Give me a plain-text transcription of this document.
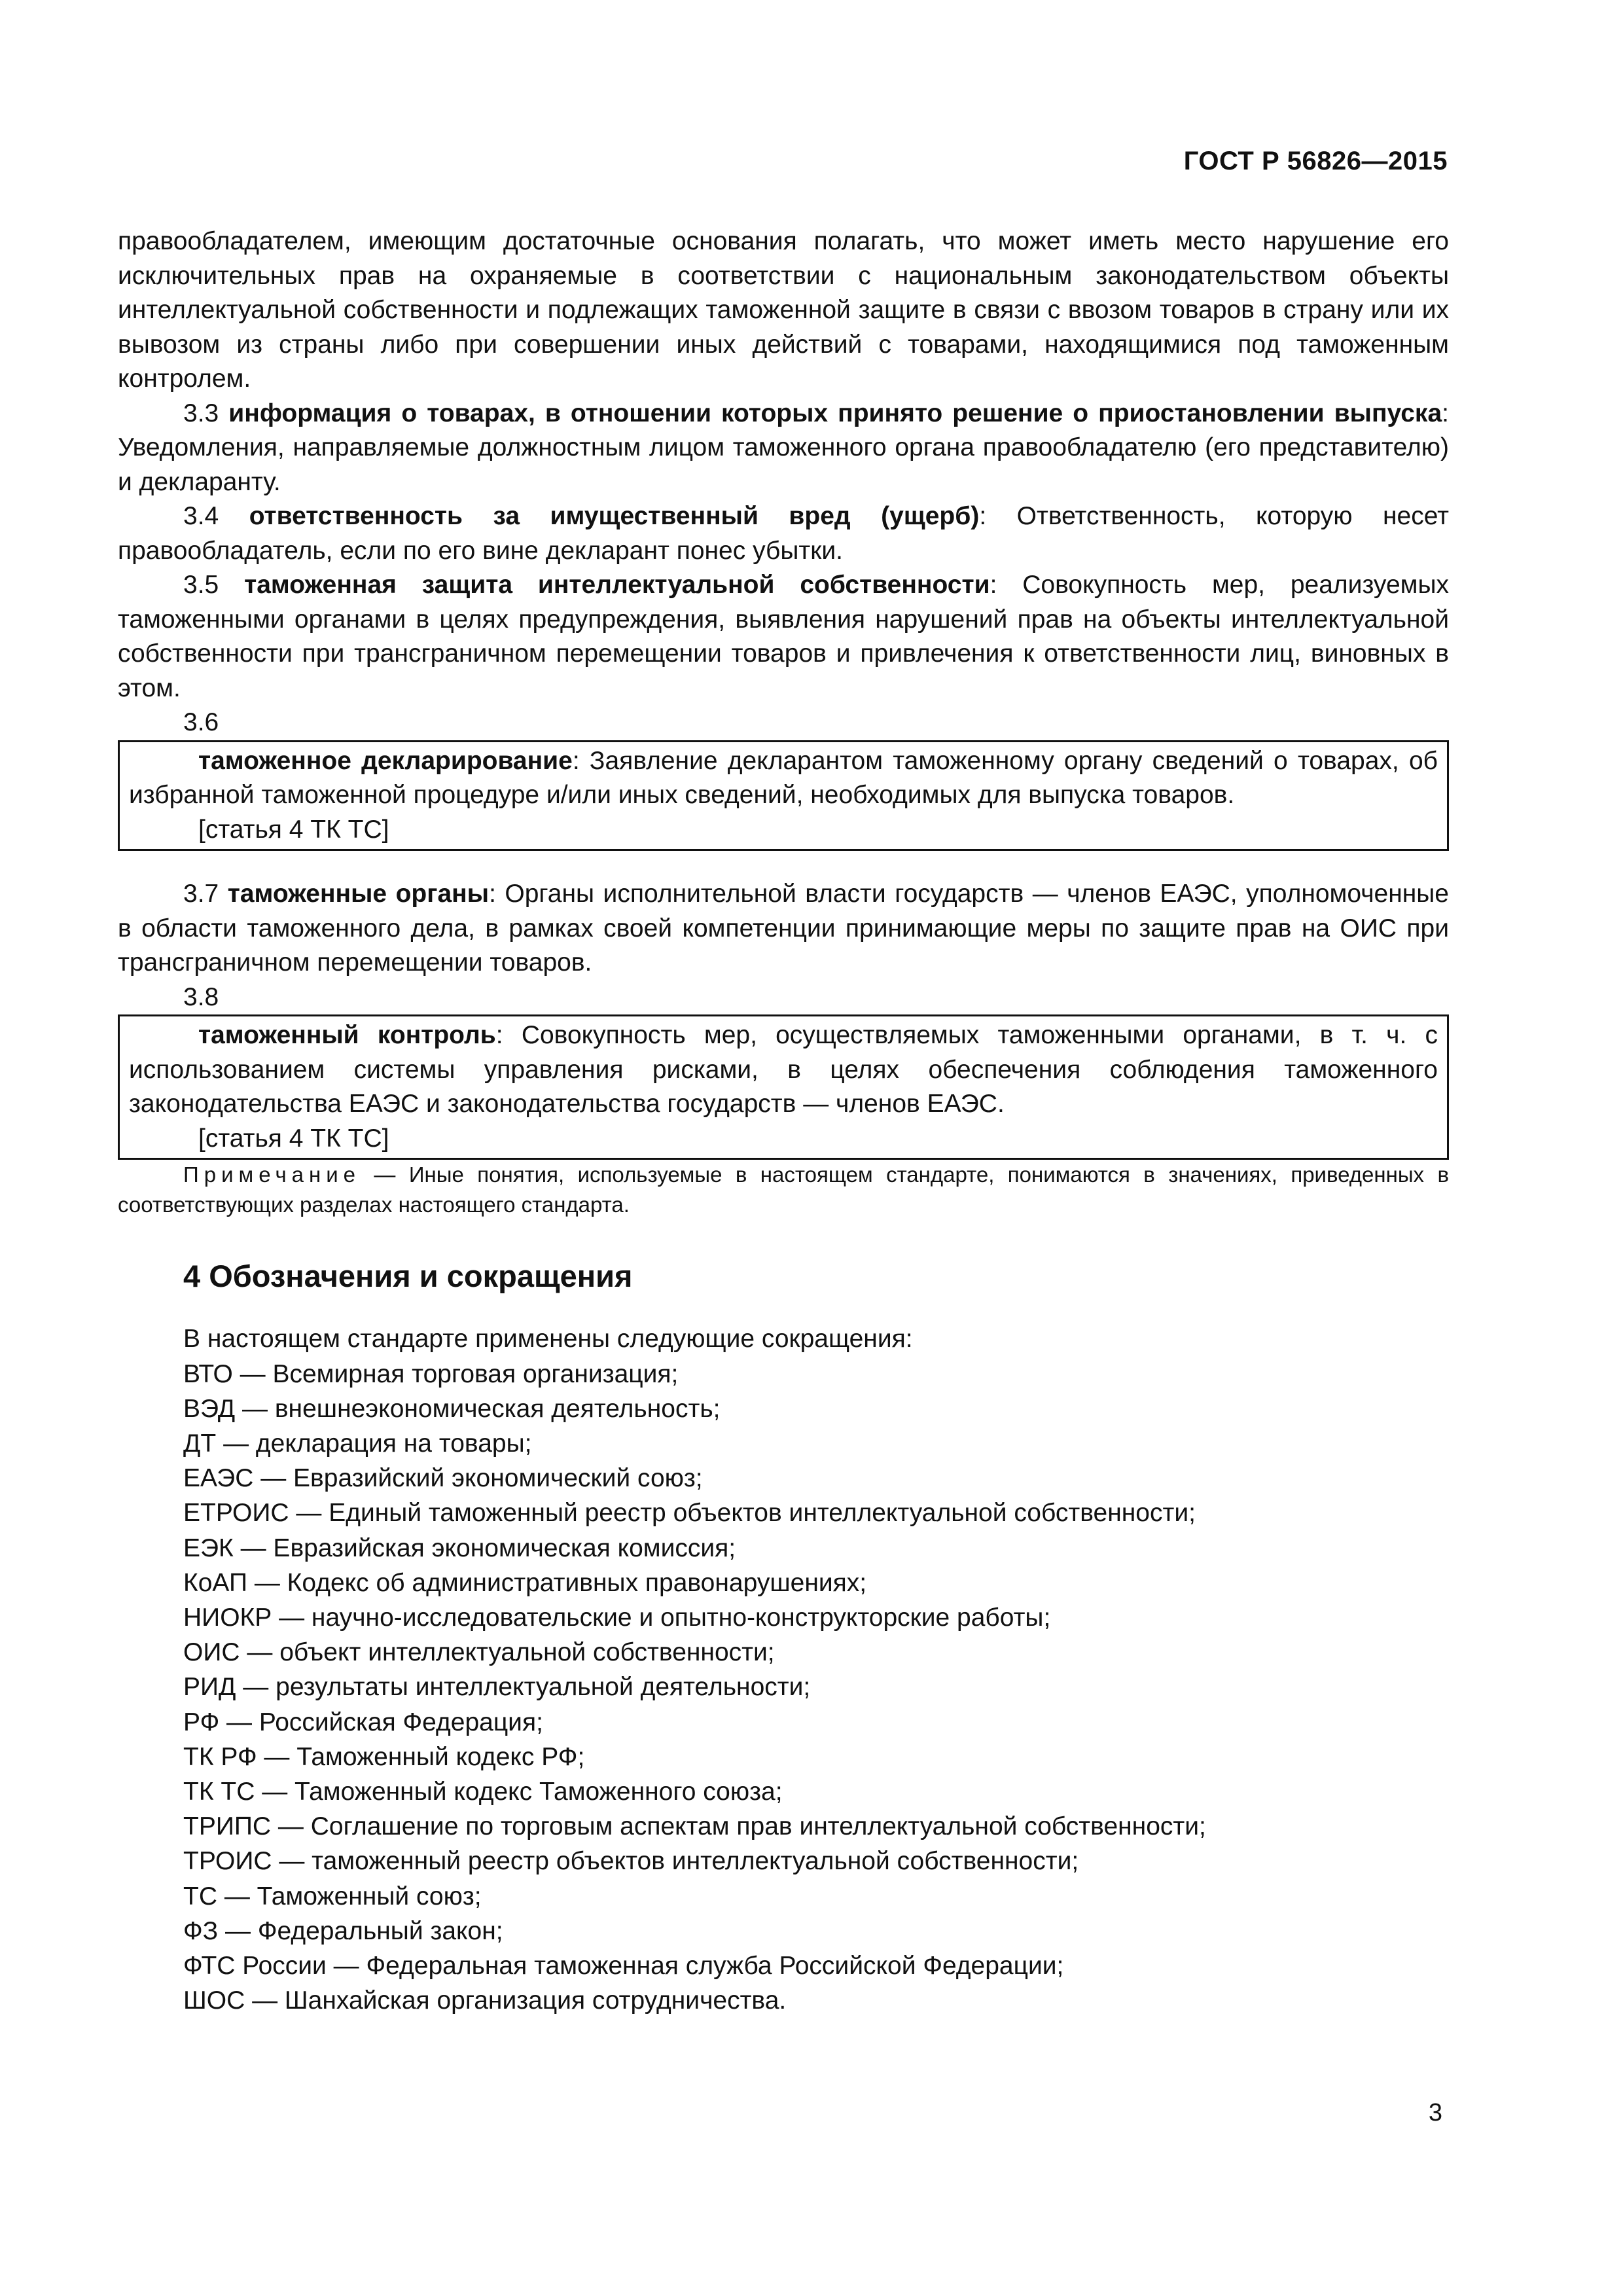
ГОСТ Р 56826—2015

правообладателем, имеющим достаточные основания полагать, что может иметь место нарушение его исключительных прав на охраняемые в соответствии с национальным законодательством объекты интеллектуальной собственности и подлежащих таможенной защите в связи с ввозом товаров в страну или их вывозом из страны либо при совершении иных действий с товарами, находящимися под таможенным контролем.

3.3 информация о товарах, в отношении которых принято решение о приостановлении выпуска: Уведомления, направляемые должностным лицом таможенного органа правообладателю (его представителю) и декларанту.

3.4 ответственность за имущественный вред (ущерб): Ответственность, которую несет правообладатель, если по его вине декларант понес убытки.

3.5 таможенная защита интеллектуальной собственности: Совокупность мер, реализуемых таможенными органами в целях предупреждения, выявления нарушений прав на объекты интеллектуальной собственности при трансграничном перемещении товаров и привлечения к ответственности лиц, виновных в этом.

3.6

таможенное декларирование: Заявление декларантом таможенному органу сведений о товарах, об избранной таможенной процедуре и/или иных сведений, необходимых для выпуска товаров.

[статья 4 ТК ТС]

3.7 таможенные органы: Органы исполнительной власти государств — членов ЕАЭС, уполномоченные в области таможенного дела, в рамках своей компетенции принимающие меры по защите прав на ОИС при трансграничном перемещении товаров.

3.8

таможенный контроль: Совокупность мер, осуществляемых таможенными органами, в т. ч. с использованием системы управления рисками, в целях обеспечения соблюдения таможенного законодательства ЕАЭС и законодательства государств — членов ЕАЭС.

[статья 4 ТК ТС]

Примечание — Иные понятия, используемые в настоящем стандарте, понимаются в значениях, приведенных в соответствующих разделах настоящего стандарта.

4 Обозначения и сокращения
В настоящем стандарте применены следующие сокращения:
ВТО — Всемирная торговая организация;
ВЭД — внешнеэкономическая деятельность;
ДТ — декларация на товары;
ЕАЭС — Евразийский экономический союз;
ЕТРОИС — Единый таможенный реестр объектов интеллектуальной собственности;
ЕЭК — Евразийская экономическая комиссия;
КоАП — Кодекс об административных правонарушениях;
НИОКР — научно-исследовательские и опытно-конструкторские работы;
ОИС — объект интеллектуальной собственности;
РИД — результаты интеллектуальной деятельности;
РФ — Российская Федерация;
ТК РФ — Таможенный кодекс РФ;
ТК ТС — Таможенный кодекс Таможенного союза;
ТРИПС — Соглашение по торговым аспектам прав интеллектуальной собственности;
ТРОИС — таможенный реестр объектов интеллектуальной собственности;
ТС — Таможенный союз;
ФЗ — Федеральный закон;
ФТС России — Федеральная таможенная служба Российской Федерации;
ШОС — Шанхайская организация сотрудничества.
3
